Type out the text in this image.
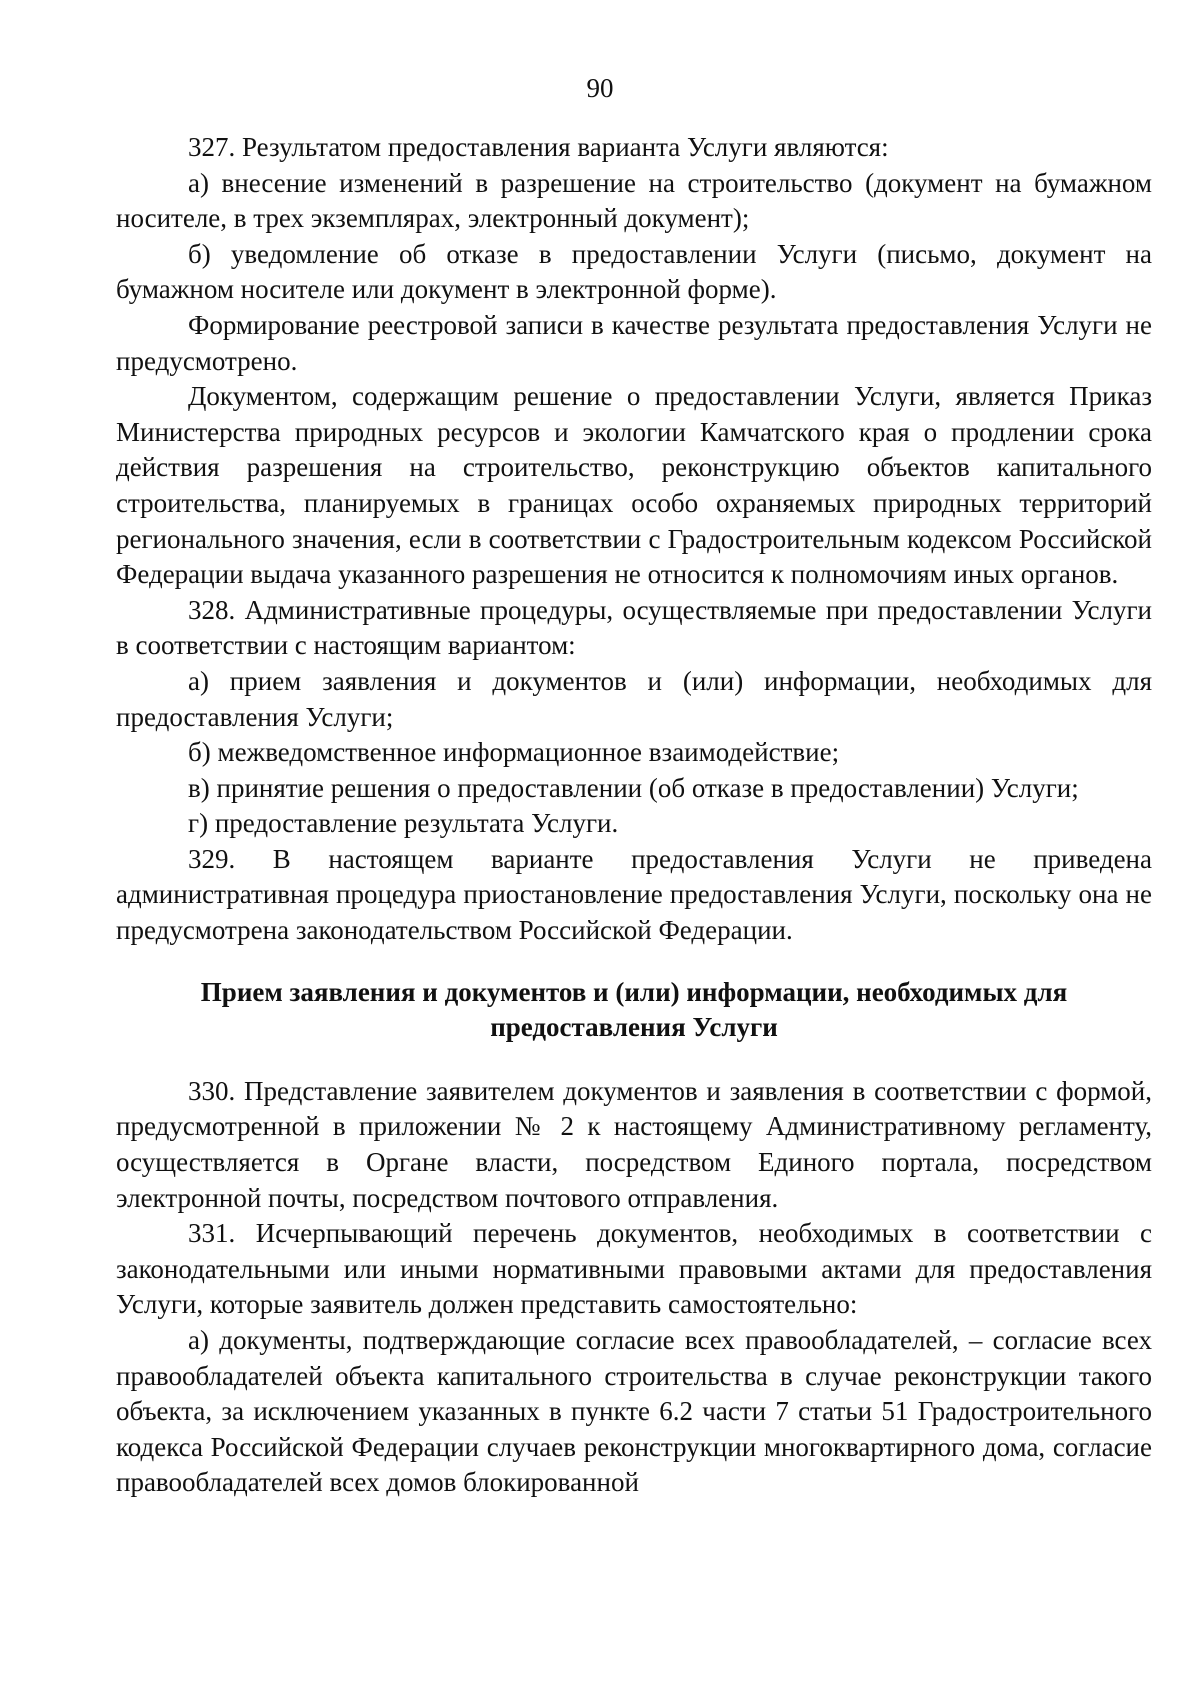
90

327. Результатом предоставления варианта Услуги являются:

а) внесение изменений в разрешение на строительство (документ на бумажном носителе, в трех экземплярах, электронный документ);

б) уведомление об отказе в предоставлении Услуги (письмо, документ на бумажном носителе или документ в электронной форме).

Формирование реестровой записи в качестве результата предоставления Услуги не предусмотрено.

Документом, содержащим решение о предоставлении Услуги, является Приказ Министерства природных ресурсов и экологии Камчатского края о продлении срока действия разрешения на строительство, реконструкцию объектов капитального строительства, планируемых в границах особо охраняемых природных территорий регионального значения, если в соответствии с Градостроительным кодексом Российской Федерации выдача указанного разрешения не относится к полномочиям иных органов.

328. Административные процедуры, осуществляемые при предоставлении Услуги в соответствии с настоящим вариантом:

а) прием заявления и документов и (или) информации, необходимых для предоставления Услуги;

б) межведомственное информационное взаимодействие;

в) принятие решения о предоставлении (об отказе в предоставлении) Услуги;

г) предоставление результата Услуги.

329. В настоящем варианте предоставления Услуги не приведена административная процедура приостановление предоставления Услуги, поскольку она не предусмотрена законодательством Российской Федерации.

Прием заявления и документов и (или) информации, необходимых для
предоставления Услуги

330. Представление заявителем документов и заявления в соответствии с формой, предусмотренной в приложении № 2 к настоящему Административному регламенту, осуществляется в Органе власти, посредством Единого портала, посредством электронной почты, посредством почтового отправления.

331. Исчерпывающий перечень документов, необходимых в соответствии с законодательными или иными нормативными правовыми актами для предоставления Услуги, которые заявитель должен представить самостоятельно:

а) документы, подтверждающие согласие всех правообладателей, – согласие всех правообладателей объекта капитального строительства в случае реконструкции такого объекта, за исключением указанных в пункте 6.2 части 7 статьи 51 Градостроительного кодекса Российской Федерации случаев реконструкции многоквартирного дома, согласие правообладателей всех домов блокированной
